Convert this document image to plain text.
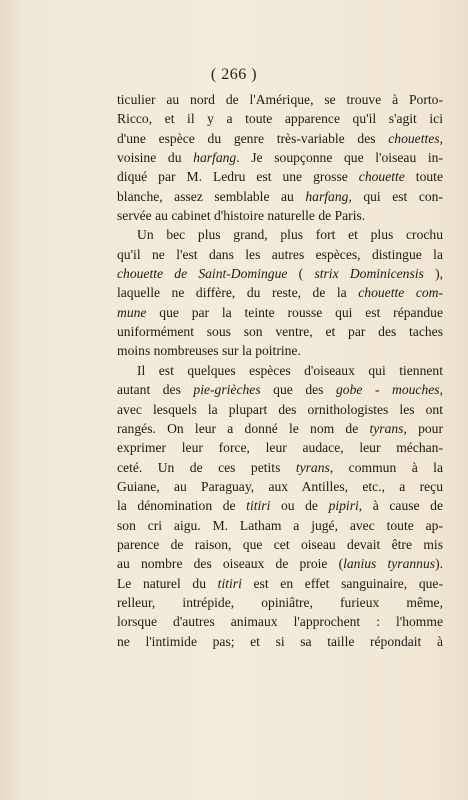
( 266 )
ticulier au nord de l'Amérique, se trouve à Porto-
Ricco, et il y a toute apparence qu'il s'agit ici
d'une espèce du genre très-variable des chouettes,
voisine du harfang. Je soupçonne que l'oiseau in-
diqué par M. Ledru est une grosse chouette toute
blanche, assez semblable au harfang, qui est con-
servée au cabinet d'histoire naturelle de Paris.
Un bec plus grand, plus fort et plus crochu
qu'il ne l'est dans les autres espèces, distingue la
chouette de Saint-Domingue ( strix Dominicensis ),
laquelle ne diffère, du reste, de la chouette com-
mune que par la teinte rousse qui est répandue
uniformément sous son ventre, et par des taches
moins nombreuses sur la poitrine.
Il est quelques espèces d'oiseaux qui tiennent
autant des pie-grièches que des gobe - mouches,
avec lesquels la plupart des ornithologistes les ont
rangés. On leur a donné le nom de tyrans, pour
exprimer leur force, leur audace, leur méchan-
ceté. Un de ces petits tyrans, commun à la
Guiane, au Paraguay, aux Antilles, etc., a reçu
la dénomination de titiri ou de pipiri, à cause de
son cri aigu. M. Latham a jugé, avec toute ap-
parence de raison, que cet oiseau devait être mis
au nombre des oiseaux de proie (lanius tyrannus).
Le naturel du titiri est en effet sanguinaire, que-
relleur, intrépide, opiniâtre, furieux même,
lorsque d'autres animaux l'approchent : l'homme
ne l'intimide pas; et si sa taille répondait à
